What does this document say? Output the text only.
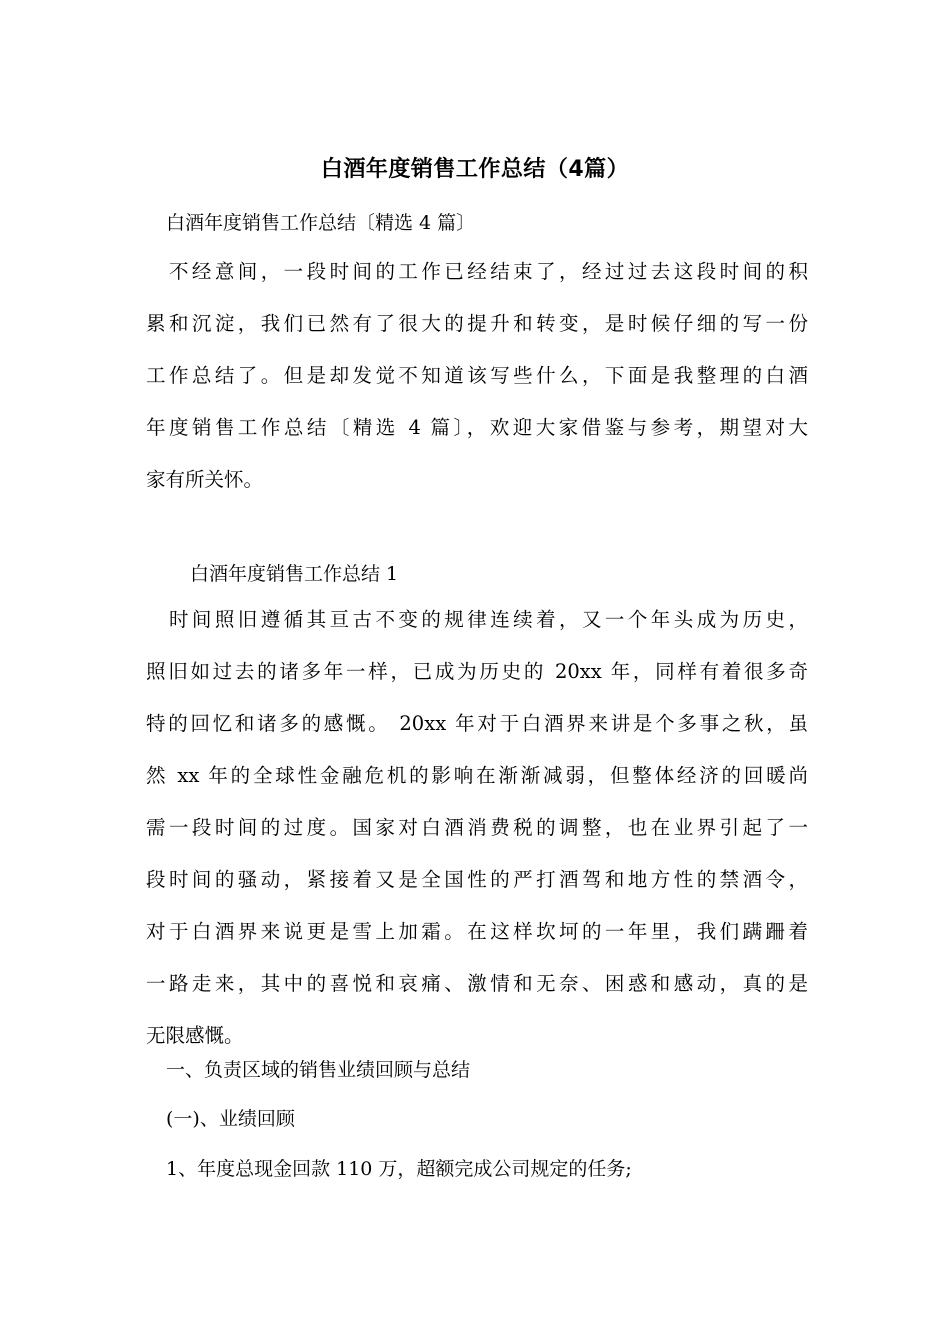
白酒年度销售工作总结（4篇）
白酒年度销售工作总结〔精选 4 篇〕
　不经意间，一段时间的工作已经结束了，经过过去这段时间的积
累和沉淀，我们已然有了很大的提升和转变，是时候仔细的写一份
工作总结了。但是却发觉不知道该写些什么，下面是我整理的白酒
年度销售工作总结〔精选 4 篇〕，欢迎大家借鉴与参考，期望对大
家有所关怀。
白酒年度销售工作总结 1
　时间照旧遵循其亘古不变的规律连续着，又一个年头成为历史，
照旧如过去的诸多年一样，已成为历史的 20xx 年，同样有着很多奇
特的回忆和诸多的感慨。 20xx 年对于白酒界来讲是个多事之秋，虽
然 xx 年的全球性金融危机的影响在渐渐减弱，但整体经济的回暖尚
需一段时间的过度。国家对白酒消费税的调整，也在业界引起了一
段时间的骚动，紧接着又是全国性的严打酒驾和地方性的禁酒令，
对于白酒界来说更是雪上加霜。在这样坎坷的一年里，我们蹒跚着
一路走来，其中的喜悦和哀痛、激情和无奈、困惑和感动，真的是
无限感慨。
一、负责区域的销售业绩回顾与总结
(一)、业绩回顾
1、年度总现金回款 110 万，超额完成公司规定的任务;
